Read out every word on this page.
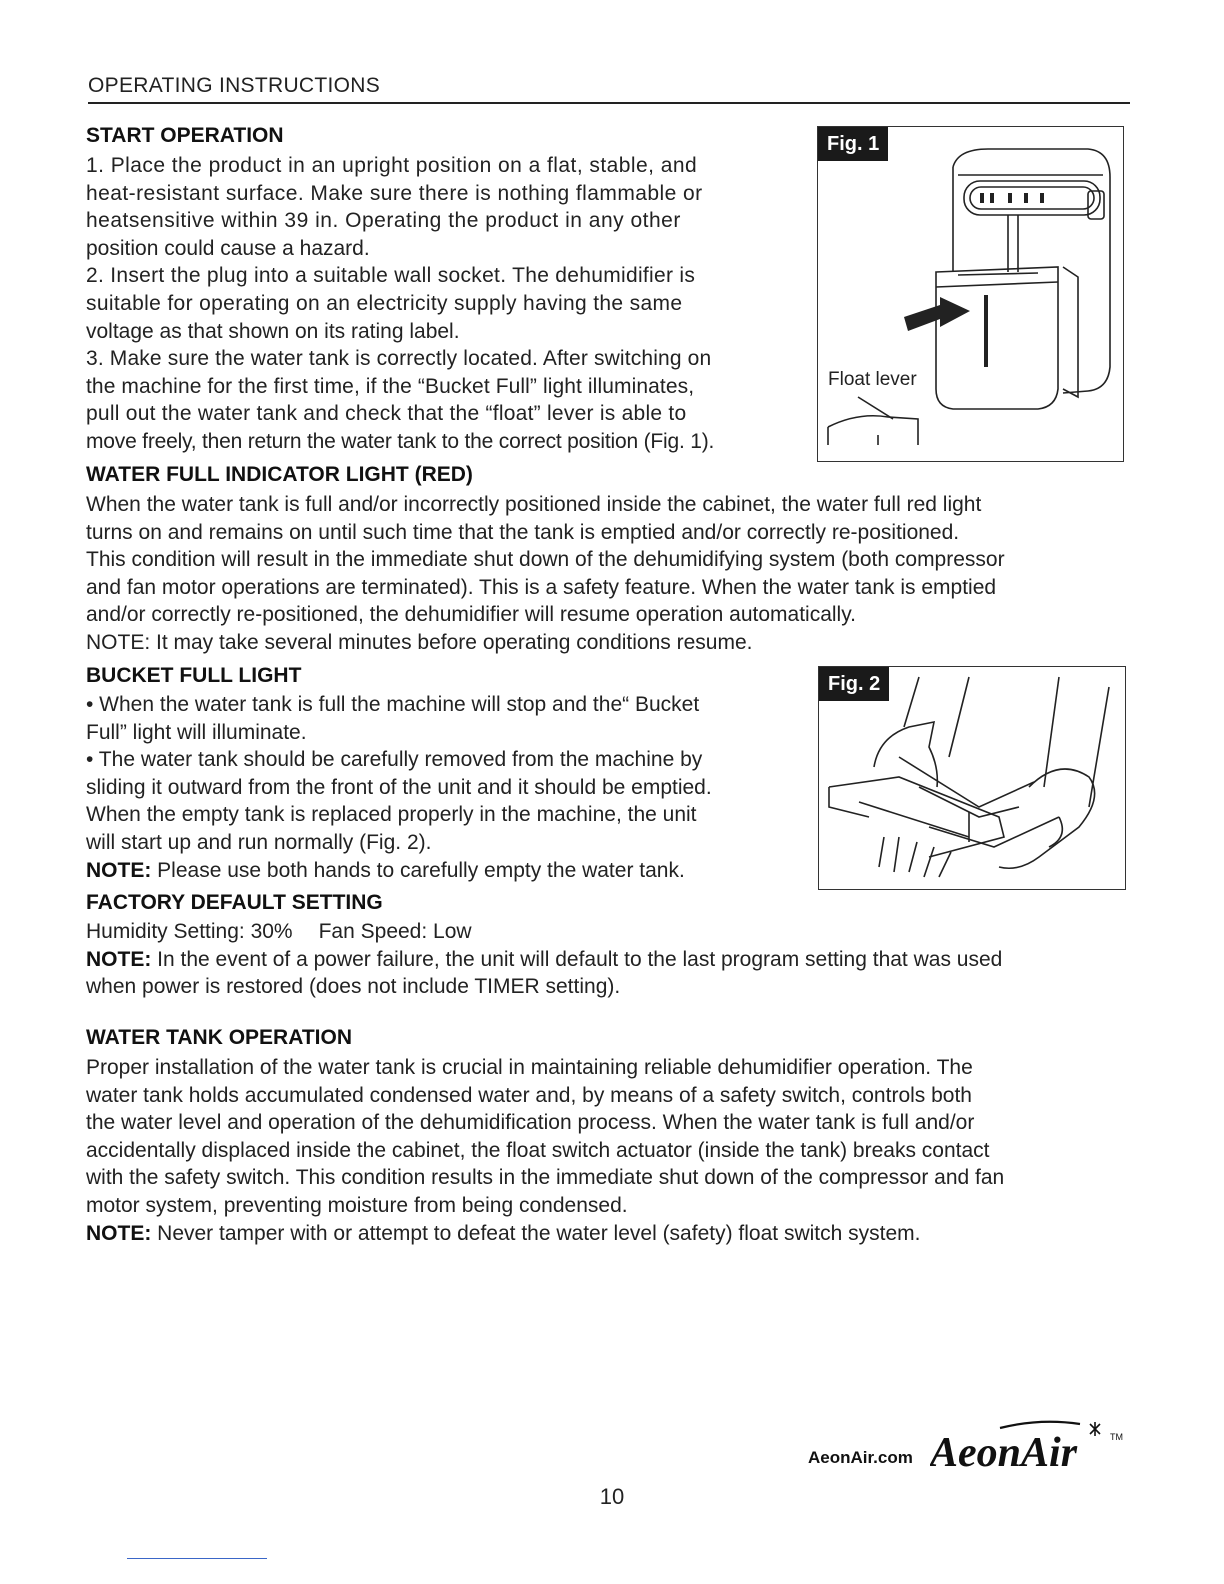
OPERATING INSTRUCTIONS
START OPERATION
1. Place the product in an upright position on a flat, stable, and
heat-resistant surface. Make sure there is nothing flammable or
heatsensitive within 39 in. Operating the product in any other
position could cause a hazard.
2. Insert the plug into a suitable wall socket. The dehumidifier is
suitable for operating on an electricity supply having the same
voltage as that shown on its rating label.
3. Make sure the water tank is correctly located. After switching on
the machine for the first time, if the “Bucket Full” light illuminates,
pull out the water tank and check that the “float” lever is able to
move freely, then return the water tank to the correct position (Fig. 1).
Float lever
Fig. 1
WATER FULL INDICATOR LIGHT (RED)
When the water tank is full and/or incorrectly positioned inside the cabinet, the water full red light
turns on and remains on until such time that the tank is emptied and/or correctly re-positioned.
This condition will result in the immediate shut down of the dehumidifying system (both compressor
and fan motor operations are terminated). This is a safety feature. When the water tank is emptied
and/or correctly re-positioned, the dehumidifier will resume operation automatically.
NOTE: It may take several minutes before operating conditions resume.
BUCKET FULL LIGHT
• When the water tank is full the machine will stop and the“ Bucket
Full” light will illuminate.
• The water tank should be carefully removed from the machine by
sliding it outward from the front of the unit and it should be emptied.
When the empty tank is replaced properly in the machine, the unit
will start up and run normally (Fig. 2).
NOTE: Please use both hands to carefully empty the water tank.
Fig. 2
FACTORY DEFAULT SETTING
Humidity Setting: 30% Fan Speed: Low
NOTE: In the event of a power failure, the unit will default to the last program setting that was used
when power is restored (does not include TIMER setting).
WATER TANK OPERATION
Proper installation of the water tank is crucial in maintaining reliable dehumidifier operation. The
water tank holds accumulated condensed water and, by means of a safety switch, controls both
the water level and operation of the dehumidification process. When the water tank is full and/or
accidentally displaced inside the cabinet, the float switch actuator (inside the tank) breaks contact
with the safety switch. This condition results in the immediate shut down of the compressor and fan
motor system, preventing moisture from being condensed.
NOTE: Never tamper with or attempt to defeat the water level (safety) float switch system.
AeonAir.com AeonAir	TM
10
